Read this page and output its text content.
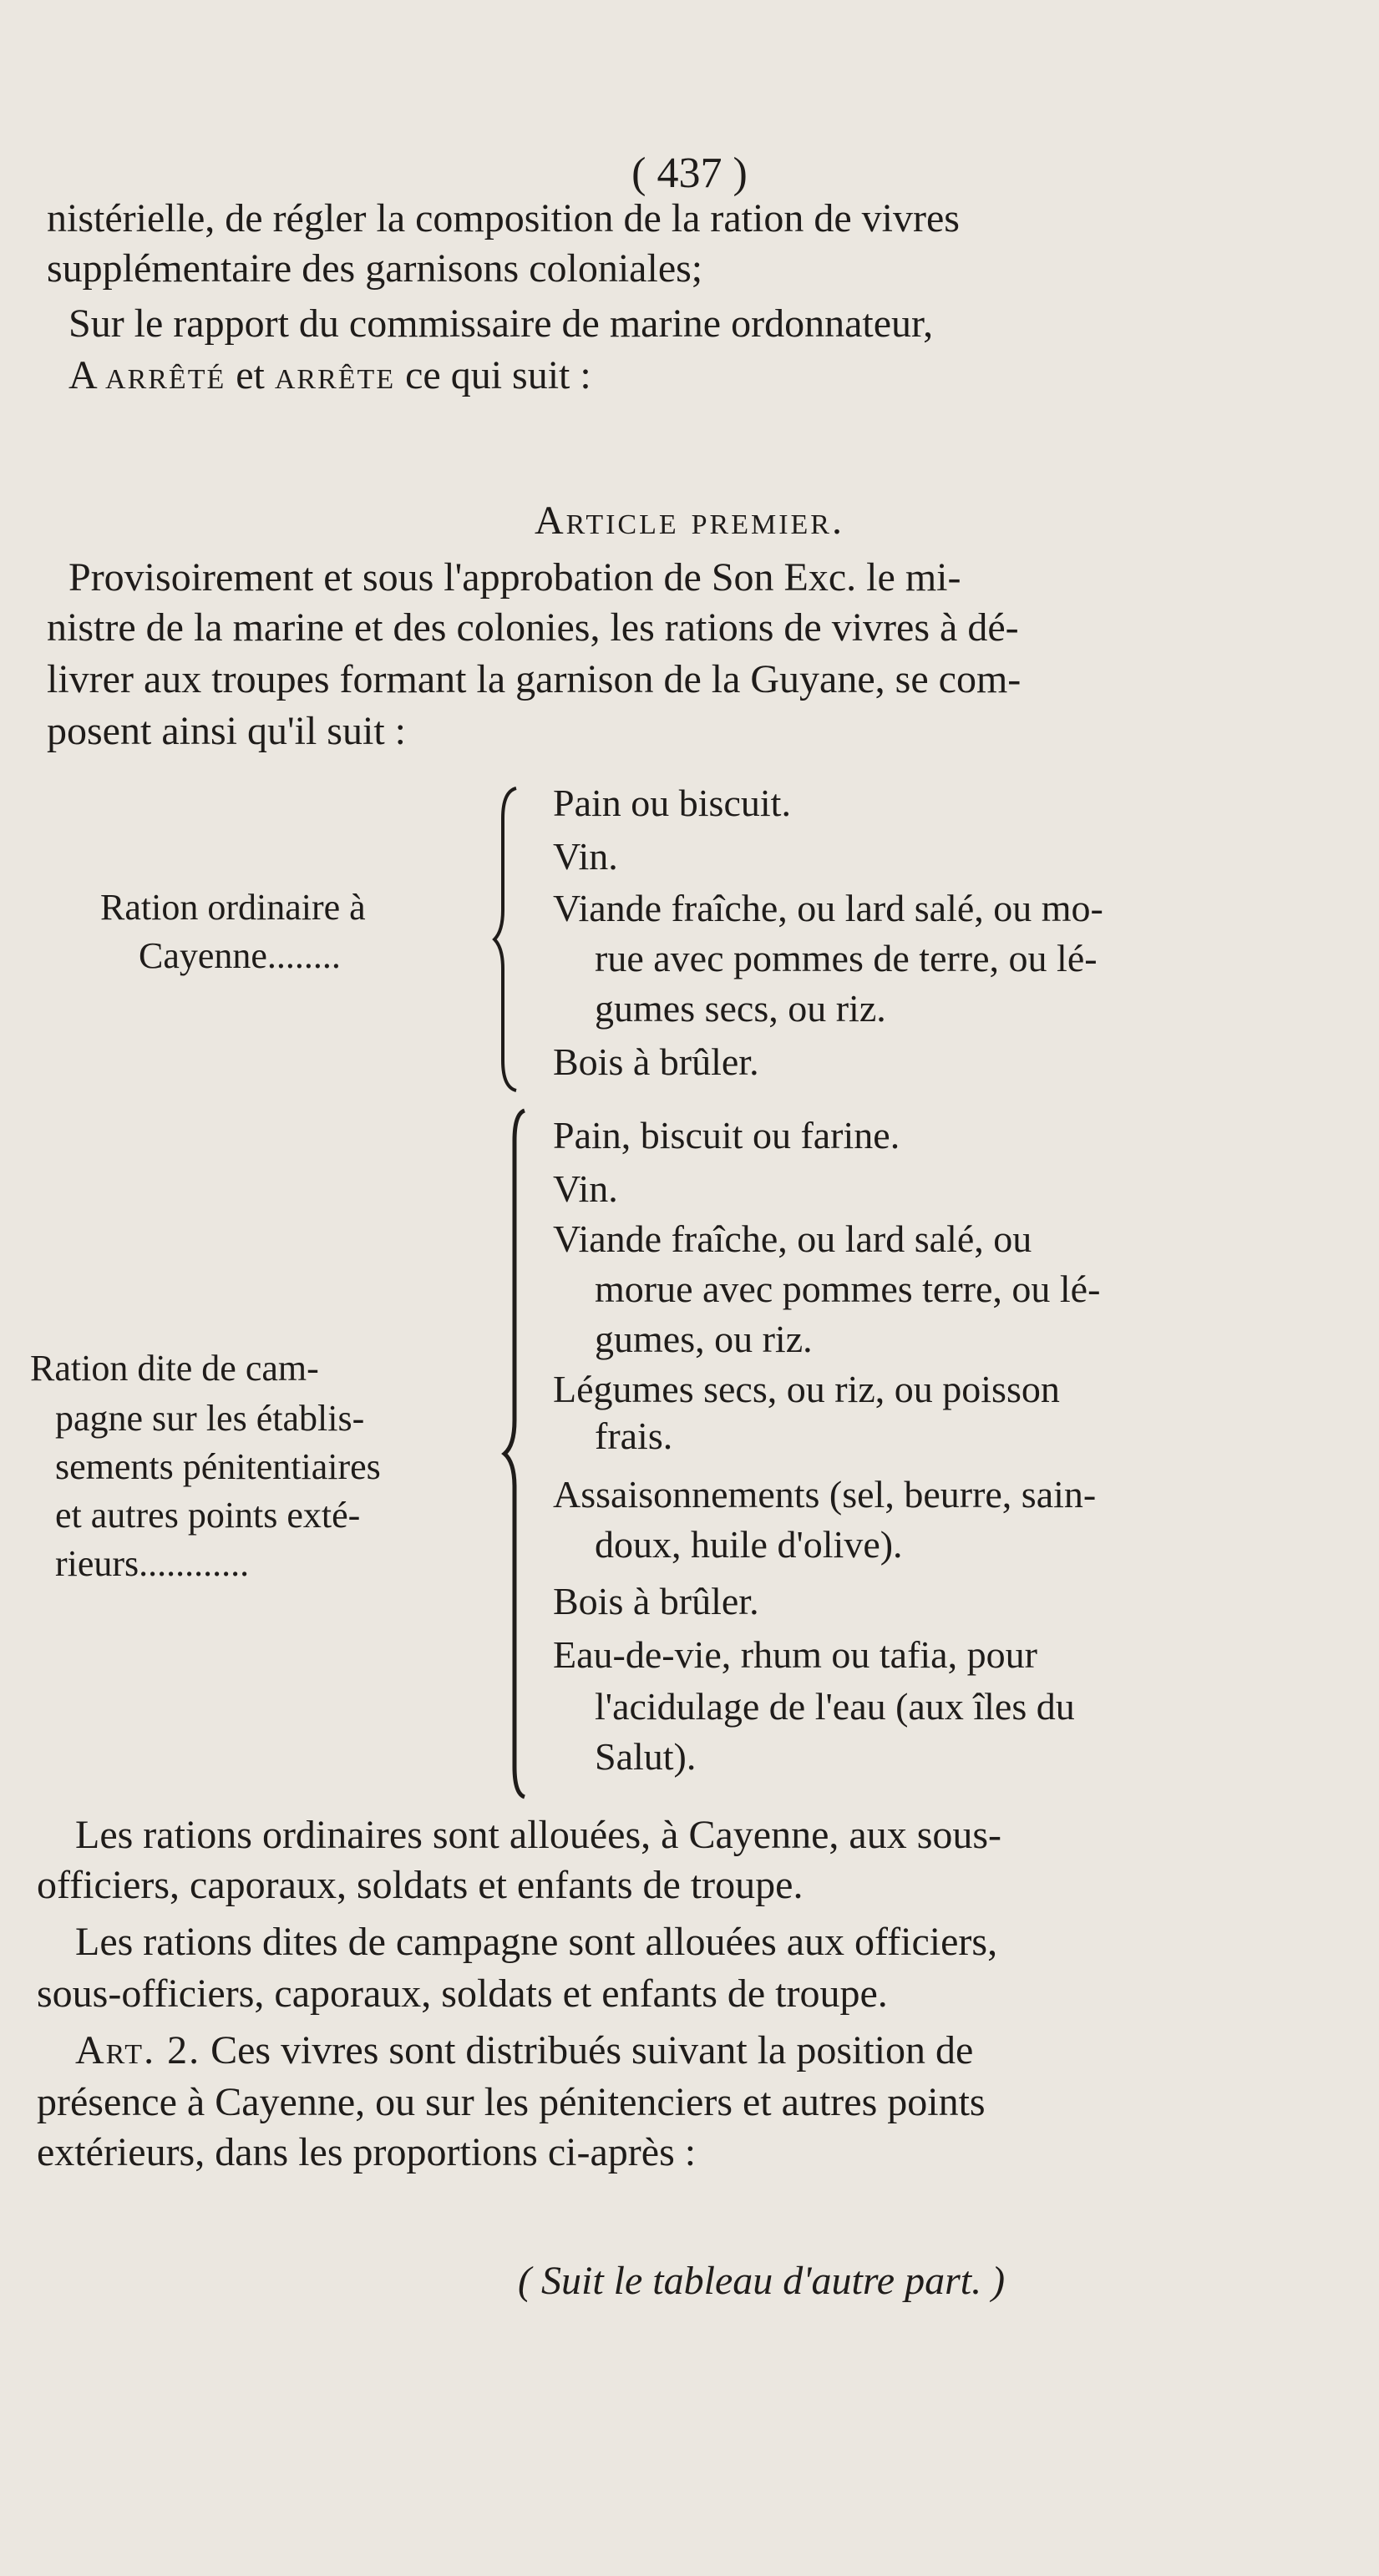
( 437 )
nistérielle, de régler la composition de la ration de vivres
supplémentaire des garnisons coloniales;
Sur le rapport du commissaire de marine ordonnateur,
A arrêté et arrête ce qui suit :
Article premier.
Provisoirement et sous l'approbation de Son Exc. le mi-
nistre de la marine et des colonies, les rations de vivres à dé-
livrer aux troupes formant la garnison de la Guyane, se com-
posent ainsi qu'il suit :
Ration ordinaire à
Cayenne........
Pain ou biscuit.
Vin.
Viande fraîche, ou lard salé, ou mo-
rue avec pommes de terre, ou lé-
gumes secs, ou riz.
Bois à brûler.
Ration dite de cam-
pagne sur les établis-
sements pénitentiaires
et autres points exté-
rieurs............
Pain, biscuit ou farine.
Vin.
Viande fraîche, ou lard salé, ou
morue avec pommes terre, ou lé-
gumes, ou riz.
Légumes secs, ou riz, ou poisson
frais.
Assaisonnements (sel, beurre, sain-
doux, huile d'olive).
Bois à brûler.
Eau-de-vie, rhum ou tafia, pour
l'acidulage de l'eau (aux îles du
Salut).
Les rations ordinaires sont allouées, à Cayenne, aux sous-
officiers, caporaux, soldats et enfants de troupe.
Les rations dites de campagne sont allouées aux officiers,
sous-officiers, caporaux, soldats et enfants de troupe.
Art. 2. Ces vivres sont distribués suivant la position de
présence à Cayenne, ou sur les pénitenciers et autres points
extérieurs, dans les proportions ci-après :
( Suit le tableau d'autre part. )
